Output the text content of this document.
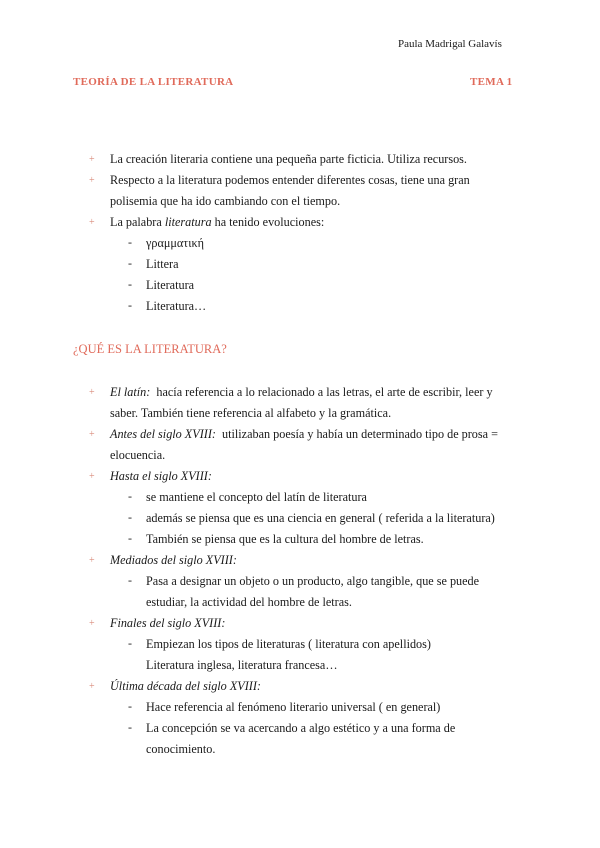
Paula Madrigal Galavís
TEORÍA DE LA LITERATURA	TEMA 1
+ La creación literaria contiene una pequeña parte ficticia. Utiliza recursos.
+ Respecto a la literatura podemos entender diferentes cosas, tiene una gran
polisemia que ha ido cambiando con el tiempo.
+ La palabra literatura ha tenido evoluciones:
- γραμματική
- Littera
- Literatura
- Literatura…
¿QUÉ ES LA LITERATURA?
+ El latín: hacía referencia a lo relacionado a las letras, el arte de escribir, leer y
saber. También tiene referencia al alfabeto y la gramática.
+ Antes del siglo XVIII: utilizaban poesía y había un determinado tipo de prosa =
elocuencia.
+ Hasta el siglo XVIII:
- se mantiene el concepto del latín de literatura
- además se piensa que es una ciencia en general ( referida a la literatura)
- También se piensa que es la cultura del hombre de letras.
+ Mediados del siglo XVIII:
- Pasa a designar un objeto o un producto, algo tangible, que se puede
estudiar, la actividad del hombre de letras.
+ Finales del siglo XVIII:
- Empiezan los tipos de literaturas ( literatura con apellidos)
Literatura inglesa, literatura francesa…
+ Última década del siglo XVIII:
- Hace referencia al fenómeno literario universal ( en general)
- La concepción se va acercando a algo estético y a una forma de
conocimiento.
